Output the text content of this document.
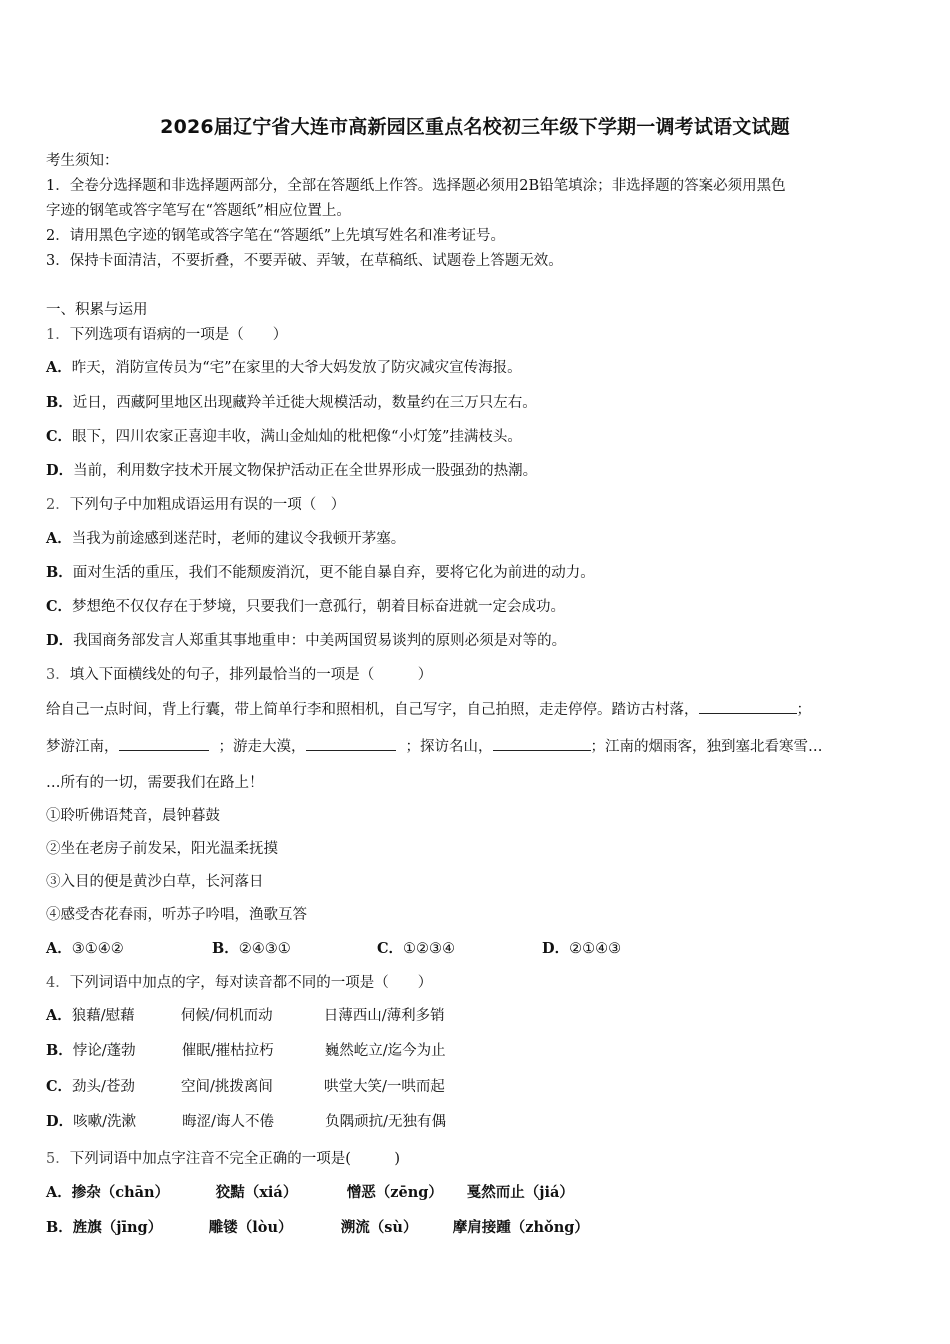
2026届辽宁省大连市高新园区重点名校初三年级下学期一调考试语文试题
考生须知：
1．全卷分选择题和非选择题两部分，全部在答题纸上作答。选择题必须用2B铅笔填涂；非选择题的答案必须用黑色
字迹的钢笔或答字笔写在“答题纸”相应位置上。
2．请用黑色字迹的钢笔或答字笔在“答题纸”上先填写姓名和准考证号。
3．保持卡面清洁，不要折叠，不要弄破、弄皱，在草稿纸、试题卷上答题无效。
一、积累与运用
1．下列选项有语病的一项是（　　）
A．昨天，消防宣传员为“宅”在家里的大爷大妈发放了防灾减灾宣传海报。
B．近日，西藏阿里地区出现藏羚羊迁徙大规模活动，数量约在三万只左右。
C．眼下，四川农家正喜迎丰收，满山金灿灿的枇杷像“小灯笼”挂满枝头。
D．当前，利用数字技术开展文物保护活动正在全世界形成一股强劲的热潮。
2．下列句子中加粗成语运用有误的一项（　）
A．当我为前途感到迷茫时，老师的建议令我顿开茅塞。
B．面对生活的重压，我们不能颓废消沉，更不能自暴自弃，要将它化为前进的动力。
C．梦想绝不仅仅存在于梦境，只要我们一意孤行，朝着目标奋进就一定会成功。
D．我国商务部发言人郑重其事地重申：中美两国贸易谈判的原则必须是对等的。
3．填入下面横线处的句子，排列最恰当的一项是（　　　）
给自己一点时间，背上行囊，带上简单行李和照相机，自己写字，自己拍照，走走停停。踏访古村落，	；
梦游江南，	；游走大漠，	；探访名山，	；江南的烟雨客，独到塞北看寒雪…
…所有的一切，需要我们在路上！
①聆听佛语梵音，晨钟暮鼓
②坐在老房子前发呆，阳光温柔抚摸
③入目的便是黄沙白草，长河落日
④感受杏花春雨，听苏子吟唱，渔歌互答
A．③①④②	B．②④③①	C．①②③④	D．②①④③
4．下列词语中加点的字，每对读音都不同的一项是（　　）
A．狼藉/慰藉	伺候/伺机而动	日薄西山/薄利多销
B．悖论/蓬勃	催眠/摧枯拉朽	巍然屹立/迄今为止
C．劲头/苍劲	空间/挑拨离间	哄堂大笑/一哄而起
D．咳嗽/洗漱	晦涩/诲人不倦	负隅顽抗/无独有偶
5．下列词语中加点字注音不完全正确的一项是(　　　)
A．掺杂（chān）	狡黠（xiá）	憎恶（zēng） 戛然而止（jiá）
B．旌旗（jīng）	雕镂（lòu）	溯流（sù） 摩肩接踵（zhǒng）
